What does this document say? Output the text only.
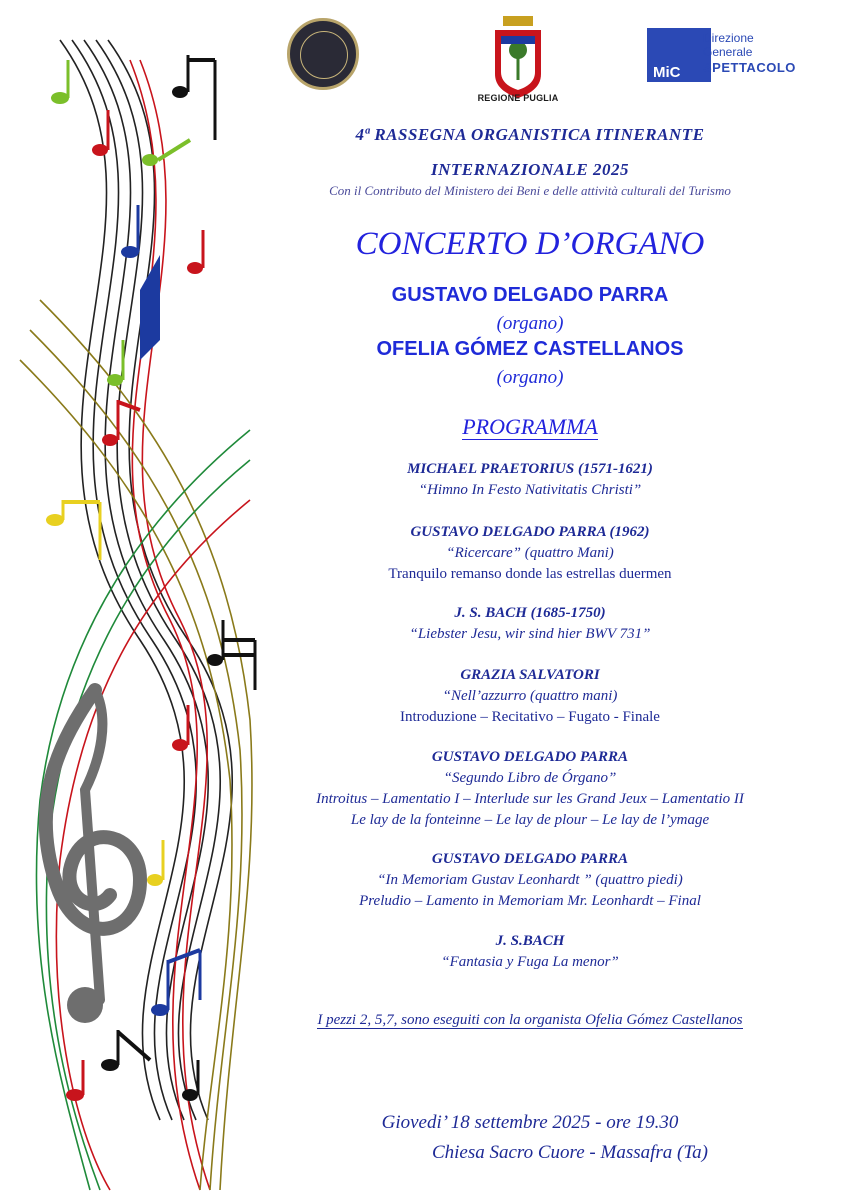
REGIONE PUGLIA
MiC
Direzione
Generale
SPETTACOLO
4ª RASSEGNA ORGANISTICA ITINERANTE
INTERNAZIONALE 2025
Con il Contributo del Ministero dei Beni e delle attività culturali del Turismo
CONCERTO D’ORGANO
GUSTAVO DELGADO PARRA
(organo)
OFELIA GÓMEZ CASTELLANOS
(organo)
PROGRAMMA
MICHAEL PRAETORIUS (1571-1621)
“Himno In Festo Nativitatis Christi”
GUSTAVO DELGADO PARRA (1962)
“Ricercare” (quattro Mani)
Tranquilo remanso donde las estrellas duermen
J. S. BACH (1685-1750)
“Liebster Jesu, wir sind hier BWV 731”
GRAZIA SALVATORI
“Nell’azzurro (quattro mani)
Introduzione – Recitativo – Fugato - Finale
GUSTAVO DELGADO PARRA
“Segundo Libro de Órgano”
Introitus – Lamentatio I – Interlude sur les Grand Jeux – Lamentatio II
Le lay de la fonteinne – Le lay de plour – Le lay de l’ymage
GUSTAVO DELGADO PARRA
“In Memoriam Gustav Leonhardt ” (quattro piedi)
Preludio – Lamento in Memoriam Mr. Leonhardt – Final
J. S.BACH
“Fantasia y Fuga La menor”
I pezzi 2, 5,7, sono eseguiti con la organista Ofelia Gómez Castellanos
Giovedi’ 18 settembre 2025 - ore 19.30
Chiesa Sacro Cuore - Massafra (Ta)
